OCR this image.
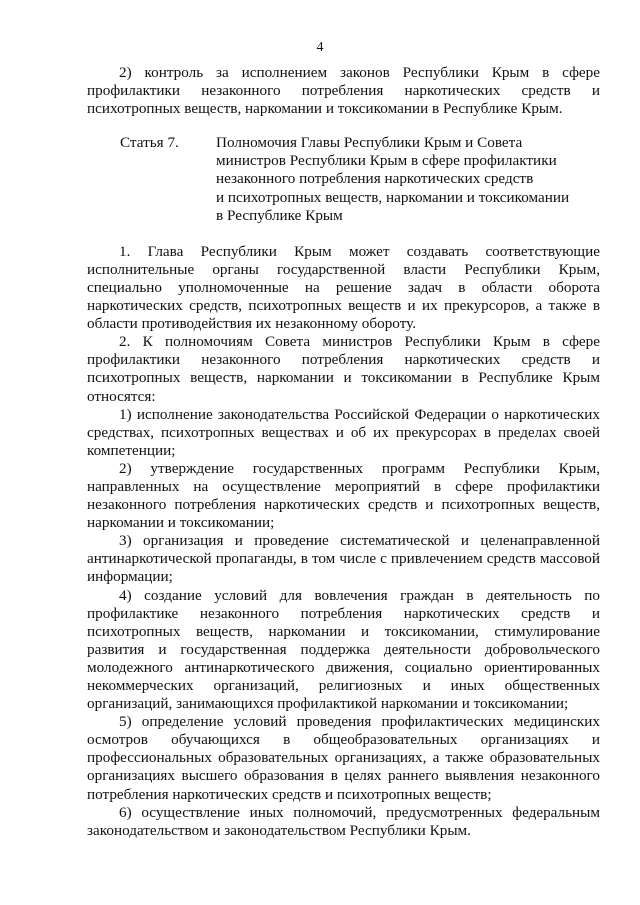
4

2) контроль за исполнением законов Республики Крым в сфере профилактики незаконного потребления наркотических средств и психотропных веществ, наркомании и токсикомании в Республике Крым.

Статья 7. Полномочия Главы Республики Крым и Совета
министров Республики Крым в сфере профилактики
незаконного потребления наркотических средств
и психотропных веществ, наркомании и токсикомании
в Республике Крым

1. Глава Республики Крым может создавать соответствующие исполнительные органы государственной власти Республики Крым, специально уполномоченные на решение задач в области оборота наркотических средств, психотропных веществ и их прекурсоров, а также в области противодействия их незаконному обороту.

2. К полномочиям Совета министров Республики Крым в сфере профилактики незаконного потребления наркотических средств и психотропных веществ, наркомании и токсикомании в Республике Крым относятся:

1) исполнение законодательства Российской Федерации о наркотических средствах, психотропных веществах и об их прекурсорах в пределах своей компетенции;

2) утверждение государственных программ Республики Крым, направленных на осуществление мероприятий в сфере профилактики незаконного потребления наркотических средств и психотропных веществ, наркомании и токсикомании;

3) организация и проведение систематической и целенаправленной антинаркотической пропаганды, в том числе с привлечением средств массовой информации;

4) создание условий для вовлечения граждан в деятельность по профилактике незаконного потребления наркотических средств и психотропных веществ, наркомании и токсикомании, стимулирование развития и государственная поддержка деятельности добровольческого молодежного антинаркотического движения, социально ориентированных некоммерческих организаций, религиозных и иных общественных организаций, занимающихся профилактикой наркомании и токсикомании;

5) определение условий проведения профилактических медицинских осмотров обучающихся в общеобразовательных организациях и профессиональных образовательных организациях, а также образовательных организациях высшего образования в целях раннего выявления незаконного потребления наркотических средств и психотропных веществ;

6) осуществление иных полномочий, предусмотренных федеральным законодательством и законодательством Республики Крым.
